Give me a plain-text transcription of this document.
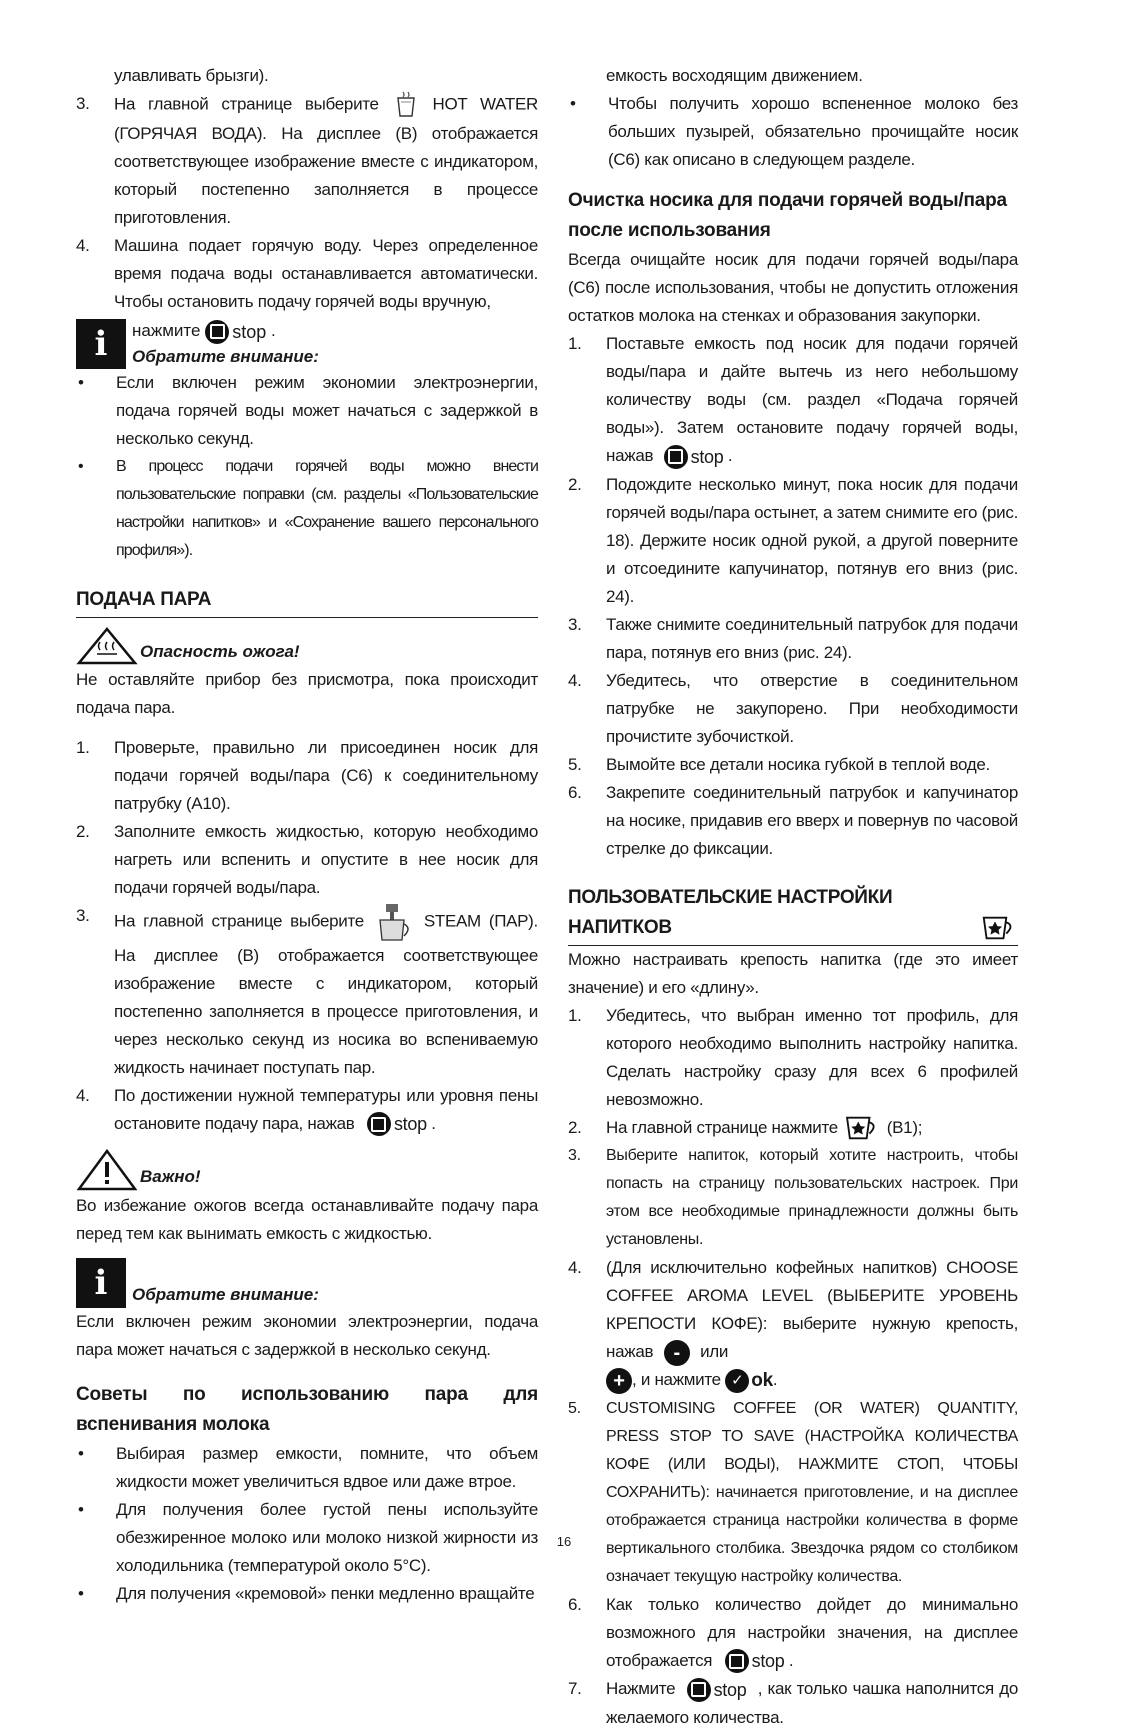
улавливать брызги).
3.	На главной странице выберите	HOT WATER (ГОРЯЧАЯ ВОДА). На дисплее (B) отображается соответствующее изображение вместе с индикатором, который постепенно заполняется в процессе приготовления.
4.	Машина подает горячую воду. Через определенное время подача воды останавливается автоматически. Чтобы остановить подачу горячей воды вручную,
i	нажмите stop .
Обратите внимание:
•	Если включен режим экономии электроэнергии, подача горячей воды может начаться с задержкой в несколько секунд.
•	В процесс подачи горячей воды можно внести пользовательские поправки (см. разделы «Пользовательские настройки напитков» и «Сохранение вашего персонального профиля»).
ПОДАЧА ПАРА
Опасность ожога!

Не оставляйте прибор без присмотра, пока происходит подача пара.

1.	Проверьте, правильно ли присоединен носик для подачи горячей воды/пара (C6) к соединительному патрубку (A10).
2.	Заполните емкость жидкостью, которую необходимо нагреть или вспенить и опустите в нее носик для подачи горячей воды/пара.
3.	На главной странице выберите	STEAM (ПАР). На дисплее (B) отображается соответствующее изображение вместе с индикатором, который постепенно заполняется в процессе приготовления, и через несколько секунд из носика во вспениваемую жидкость начинает поступать пар.
4.	По достижении нужной температуры или уровня пены остановите подачу пара, нажав stop .
Важно!

Во избежание ожогов всегда останавливайте подачу пара перед тем как вынимать емкость с жидкостью.

i	Обратите внимание:

Если включен режим экономии электроэнергии, подача пара может начаться с задержкой в несколько секунд.

Советы по использованию пара для вспенивания молока
•	Выбирая размер емкости, помните, что объем жидкости может увеличиться вдвое или даже втрое.
•	Для получения более густой пены используйте обезжиренное молоко или молоко низкой жирности из холодильника (температурой около 5°C).
•	Для получения «кремовой» пенки медленно вращайте
емкость восходящим движением.
•	Чтобы получить хорошо вспененное молоко без больших пузырей, обязательно прочищайте носик (C6) как описано в следующем разделе.
Очистка носика для подачи горячей воды/пара после использования

Всегда очищайте носик для подачи горячей воды/пара (C6) после использования, чтобы не допустить отложения остатков молока на стенках и образования закупорки.

1.	Поставьте емкость под носик для подачи горячей воды/пара и дайте вытечь из него небольшому количеству воды (см. раздел «Подача горячей воды»). Затем остановите подачу горячей воды, нажав stop .
2.	Подождите несколько минут, пока носик для подачи горячей воды/пара остынет, а затем снимите его (рис. 18). Держите носик одной рукой, а другой поверните и отсоедините капучинатор, потянув его вниз (рис. 24).
3.	Также снимите соединительный патрубок для подачи пара, потянув его вниз (рис. 24).
4.	Убедитесь, что отверстие в соединительном патрубке не закупорено. При необходимости прочистите зубочисткой.
5.	Вымойте все детали носика губкой в теплой воде.
6.	Закрепите соединительный патрубок и капучинатор на носике, придавив его вверх и повернув по часовой стрелке до фиксации.
ПОЛЬЗОВАТЕЛЬСКИЕ НАСТРОЙКИ НАПИТКОВ

Можно настраивать крепость напитка (где это имеет значение) и его «длину».

1.	Убедитесь, что выбран именно тот профиль, для которого необходимо выполнить настройку напитка. Сделать настройку сразу для всех 6 профилей невозможно.
2.	На главной странице нажмите	(B1);
3.	Выберите напиток, который хотите настроить, чтобы попасть на страницу пользовательских настроек. При этом все необходимые принадлежности должны быть установлены.
4.	(Для исключительно кофейных напитков) CHOOSE COFFEE AROMA LEVEL (ВЫБЕРИТЕ УРОВЕНЬ КРЕПОСТИ КОФЕ): выберите нужную крепость, нажав - или
+ , и нажмите ✓ ok .
5.	CUSTOMISING COFFEE (OR WATER) QUANTITY, PRESS STOP TO SAVE (НАСТРОЙКА КОЛИЧЕСТВА КОФЕ (ИЛИ ВОДЫ), НАЖМИТЕ СТОП, ЧТОБЫ СОХРАНИТЬ): начинается приготовление, и на дисплее отображается страница настройки количества в форме вертикального столбика. Звездочка рядом со столбиком означает текущую настройку количества.
6.	Как только количество дойдет до минимально возможного для настройки значения, на дисплее отображается stop .
7.	Нажмите stop , как только чашка наполнится до желаемого количества.
16
